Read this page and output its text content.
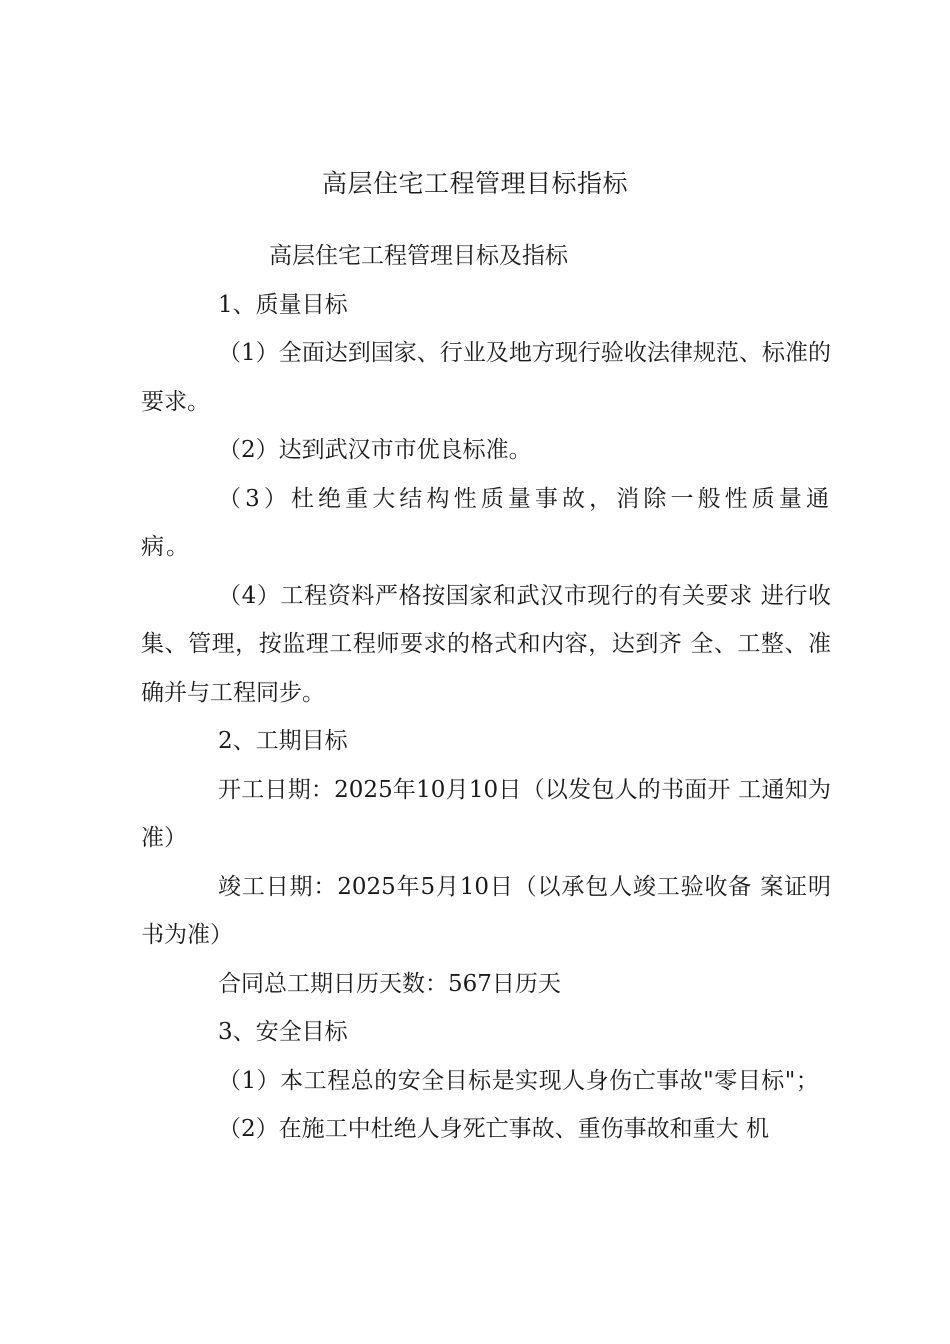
高层住宅工程管理目标指标

高层住宅工程管理目标及指标

1、质量目标

（1）全面达到国家、行业及地方现行验收法律规范、标准的要求。

（2）达到武汉市市优良标准。

（3）杜绝重大结构性质量事故，消除一般性质量通病。

（4）工程资料严格按国家和武汉市现行的有关要求 进行收集、管理，按监理工程师要求的格式和内容，达到齐 全、工整、准确并与工程同步。

2、工期目标

开工日期：2025年10月10日（以发包人的书面开 工通知为准）

竣工日期：2025年5月10日（以承包人竣工验收备 案证明书为准）

合同总工期日历天数：567日历天

3、安全目标

（1）本工程总的安全目标是实现人身伤亡事故"零目标"；

（2）在施工中杜绝人身死亡事故、重伤事故和重大 机
